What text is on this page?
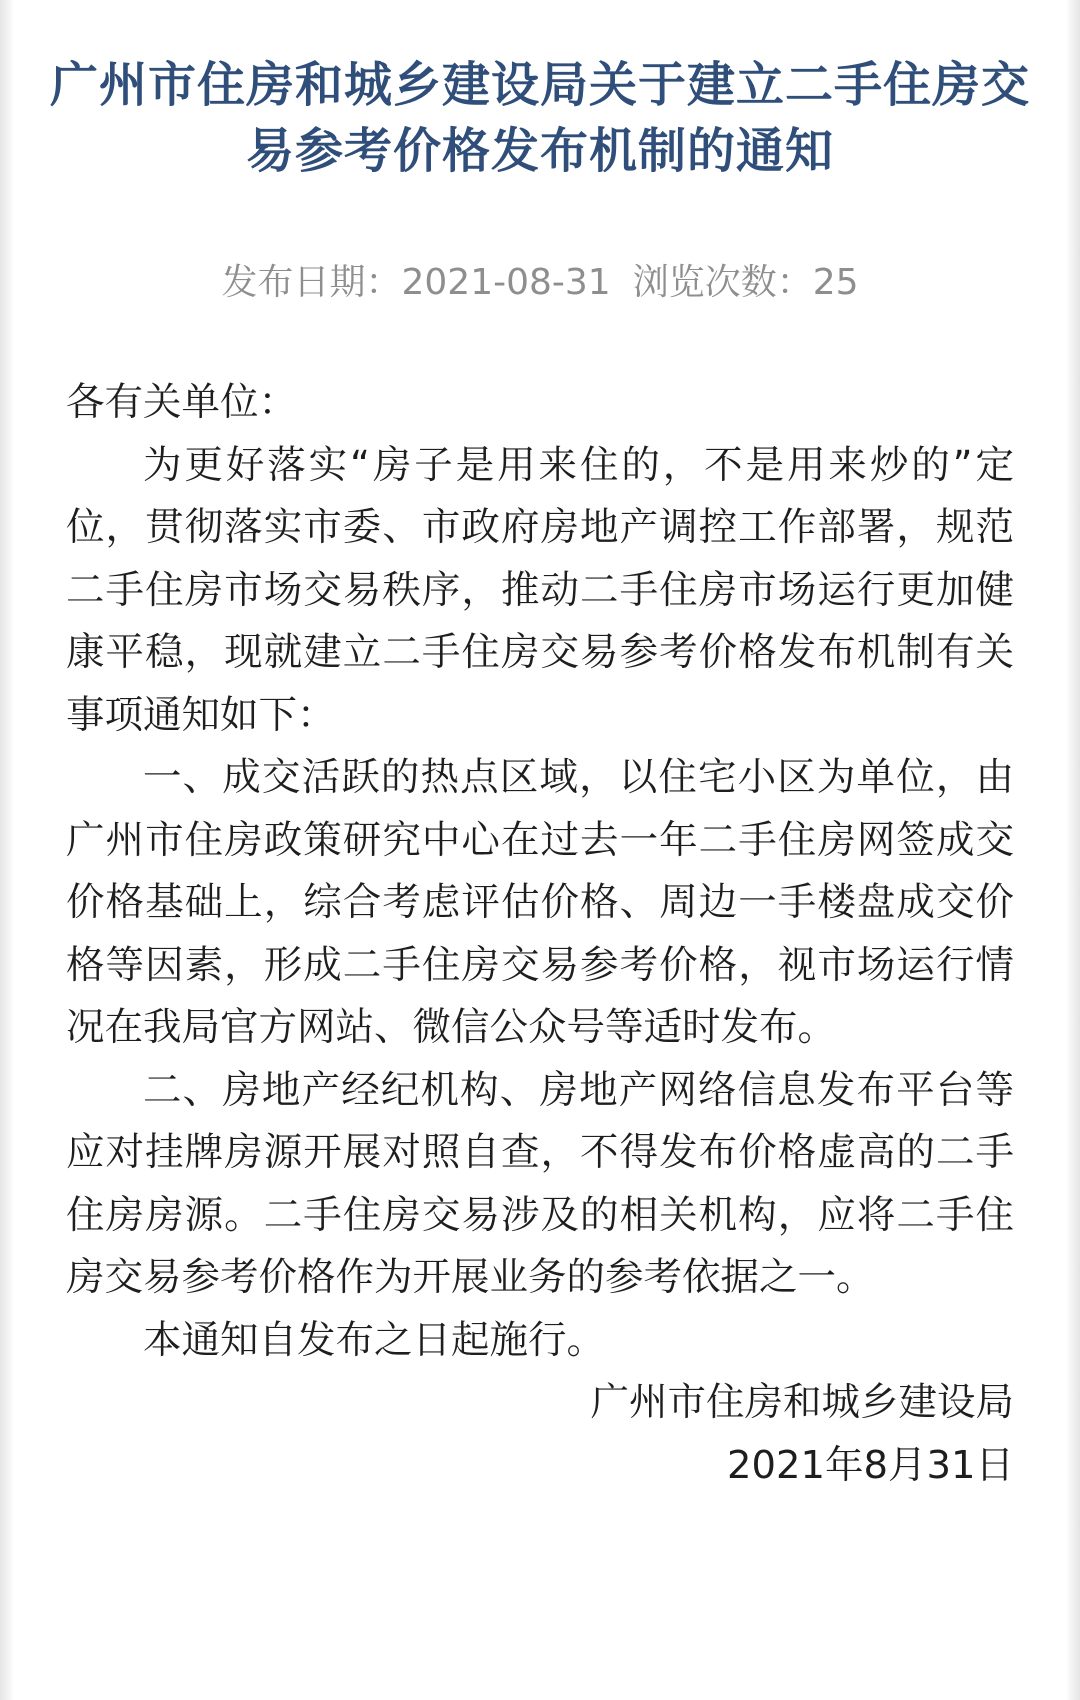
广州市住房和城乡建设局关于建立二手住房交易参考价格发布机制的通知
发布日期：2021-08-31 浏览次数：25

各有关单位：

为更好落实“房子是用来住的，不是用来炒的”定位，贯彻落实市委、市政府房地产调控工作部署，规范二手住房市场交易秩序，推动二手住房市场运行更加健康平稳，现就建立二手住房交易参考价格发布机制有关事项通知如下：

一、成交活跃的热点区域，以住宅小区为单位，由广州市住房政策研究中心在过去一年二手住房网签成交价格基础上，综合考虑评估价格、周边一手楼盘成交价格等因素，形成二手住房交易参考价格，视市场运行情况在我局官方网站、微信公众号等适时发布。

二、房地产经纪机构、房地产网络信息发布平台等应对挂牌房源开展对照自查，不得发布价格虚高的二手住房房源。二手住房交易涉及的相关机构，应将二手住房交易参考价格作为开展业务的参考依据之一。

本通知自发布之日起施行。

广州市住房和城乡建设局

2021年8月31日
